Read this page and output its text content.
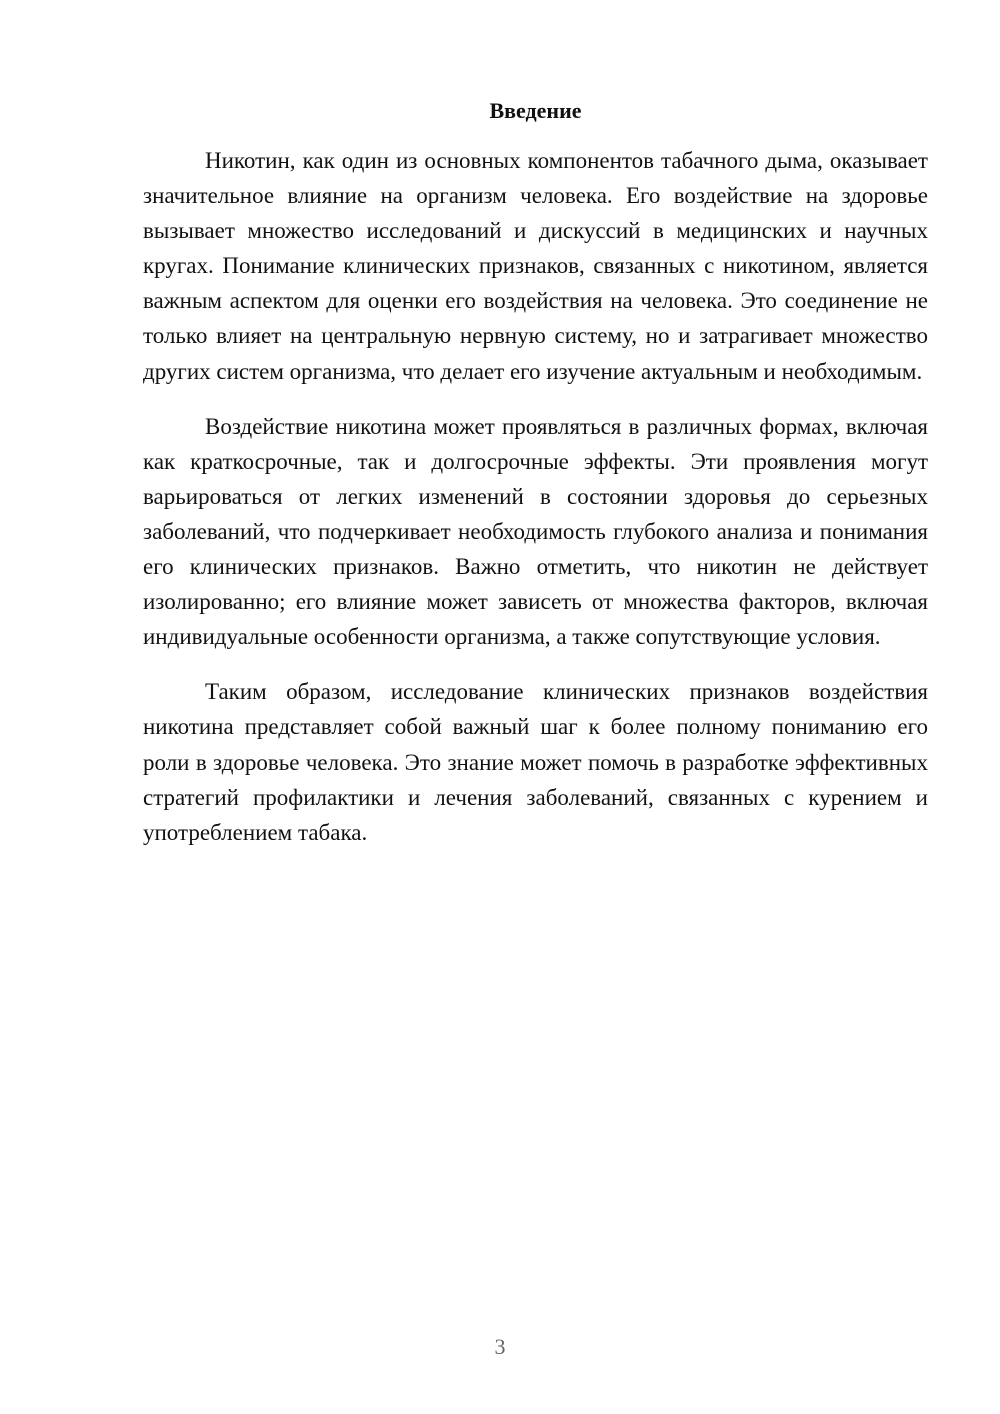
Введение

Никотин, как один из основных компонентов табачного дыма, оказывает значительное влияние на организм человека. Его воздействие на здоровье вызывает множество исследований и дискуссий в медицинских и научных кругах. Понимание клинических признаков, связанных с никотином, является важным аспектом для оценки его воздействия на человека. Это соединение не только влияет на центральную нервную систему, но и затрагивает множество других систем организма, что делает его изучение актуальным и необходимым.

Воздействие никотина может проявляться в различных формах, включая как краткосрочные, так и долгосрочные эффекты. Эти проявления могут варьироваться от легких изменений в состоянии здоровья до серьезных заболеваний, что подчеркивает необходимость глубокого анализа и понимания его клинических признаков. Важно отметить, что никотин не действует изолированно; его влияние может зависеть от множества факторов, включая индивидуальные особенности организма, а также сопутствующие условия.

Таким образом, исследование клинических признаков воздействия никотина представляет собой важный шаг к более полному пониманию его роли в здоровье человека. Это знание может помочь в разработке эффективных стратегий профилактики и лечения заболеваний, связанных с курением и употреблением табака.

3
